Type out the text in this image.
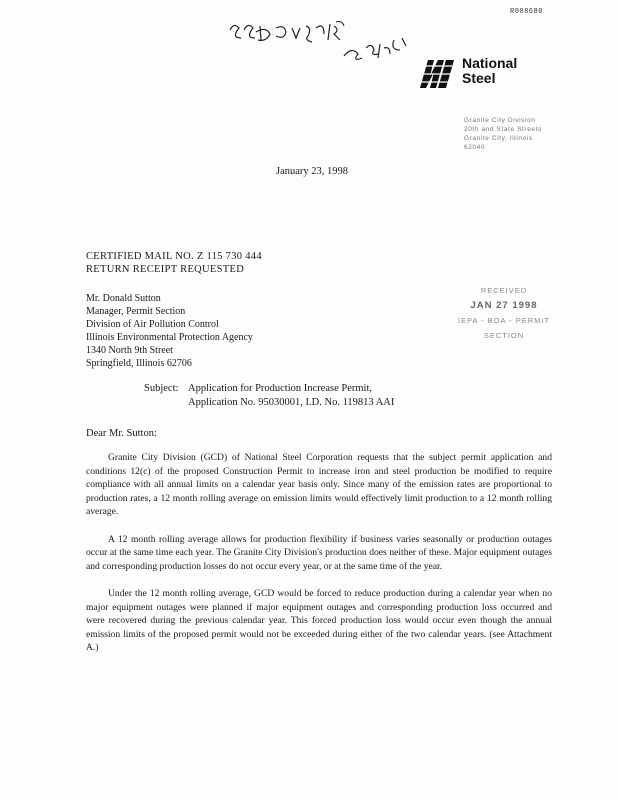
R008680
National
Steel
Granite City Division
20th and State Streets
Granite City, Illinois
62040
January 23, 1998
CERTIFIED MAIL NO. Z 115 730 444
RETURN RECEIPT REQUESTED
RECEIVED
JAN 27 1998
IEPA - BOA - PERMIT SECTION
Mr. Donald Sutton
Manager, Permit Section
Division of Air Pollution Control
Illinois Environmental Protection Agency
1340 North 9th Street
Springfield, Illinois 62706
Subject: Application for Production Increase Permit,
Application No. 95030001, I.D. No. 119813 AAI
Dear Mr. Sutton:

Granite City Division (GCD) of National Steel Corporation requests that the subject permit application and conditions 12(c) of the proposed Construction Permit to increase iron and steel production be modified to require compliance with all annual limits on a calendar year basis only. Since many of the emission rates are proportional to production rates, a 12 month rolling average on emission limits would effectively limit production to a 12 month rolling average.

A 12 month rolling average allows for production flexibility if business varies seasonally or production outages occur at the same time each year. The Granite City Division's production does neither of these. Major equipment outages and corresponding production losses do not occur every year, or at the same time of the year.

Under the 12 month rolling average, GCD would be forced to reduce production during a calendar year when no major equipment outages were planned if major equipment outages and corresponding production loss occurred and were recovered during the previous calendar year. This forced production loss would occur even though the annual emission limits of the proposed permit would not be exceeded during either of the two calendar years. (see Attachment A.)
